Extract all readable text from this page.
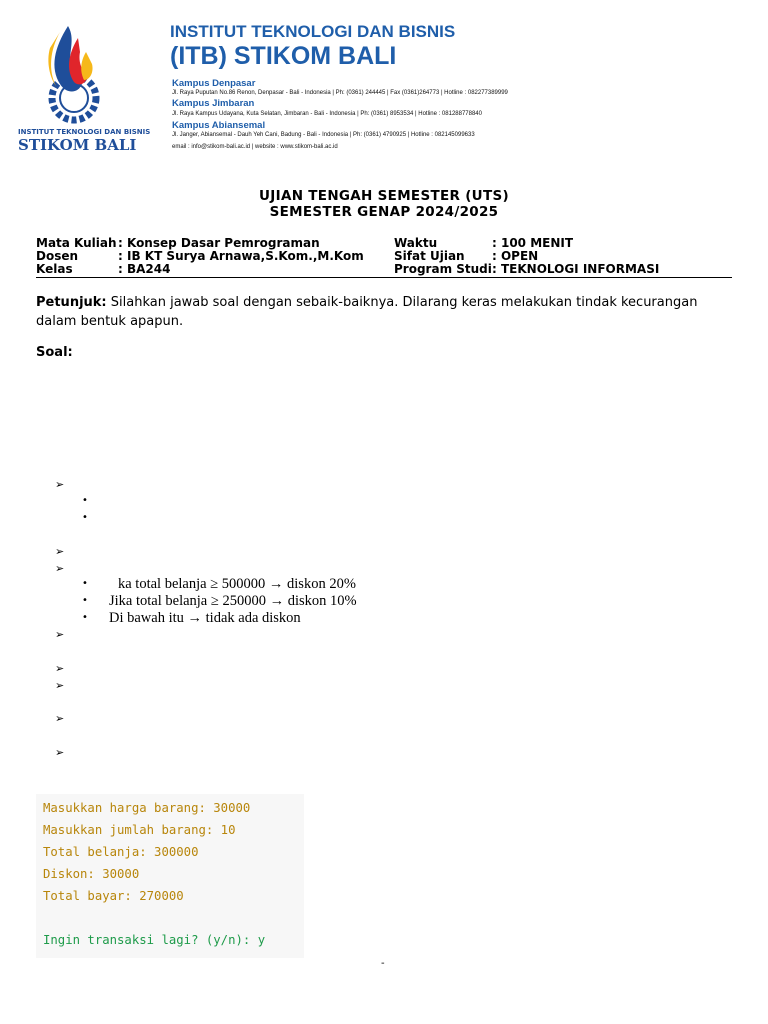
INSTITUT TEKNOLOGI DAN BISNIS
STIKOM BALI
INSTITUT TEKNOLOGI DAN BISNIS
(ITB) STIKOM BALI
Kampus Denpasar
Jl. Raya Puputan No.86 Renon, Denpasar - Bali - Indonesia | Ph: (0361) 244445 | Fax (0361)264773 | Hotline : 082277389999
Kampus Jimbaran
Jl. Raya Kampus Udayana, Kuta Selatan, Jimbaran - Bali - Indonesia | Ph: (0361) 8953534 | Hotline : 081288778840
Kampus Abiansemal
Jl. Janger, Abiansemal - Dauh Yeh Cani, Badung - Bali - Indonesia | Ph: (0361) 4790925 | Hotline : 082145099633
email : info@stikom-bali.ac.id | website : www.stikom-bali.ac.id
UJIAN TENGAH SEMESTER (UTS)
SEMESTER GENAP 2024/2025
Mata Kuliah : Konsep Dasar Pemrograman
Dosen	: IB KT Surya Arnawa,S.Kom.,M.Kom
Kelas	: BA244
Waktu	: 100 MENIT
Sifat Ujian : OPEN
Program Studi : TEKNOLOGI INFORMASI
Petunjuk: Silahkan jawab soal dengan sebaik-baiknya. Dilarang keras melakukan tindak kecurangan dalam bentuk apapun.
Soal:
➢
•
•
➢
➢
• ka total belanja ≥ 500000 → diskon 20%
• Jika total belanja ≥ 250000 → diskon 10%
• Di bawah itu → tidak ada diskon
➢
➢
➢
➢
➢
Masukkan harga barang: 30000
Masukkan jumlah barang: 10
Total belanja: 300000
Diskon: 30000
Total bayar: 270000
Ingin transaksi lagi? (y/n): y
-
